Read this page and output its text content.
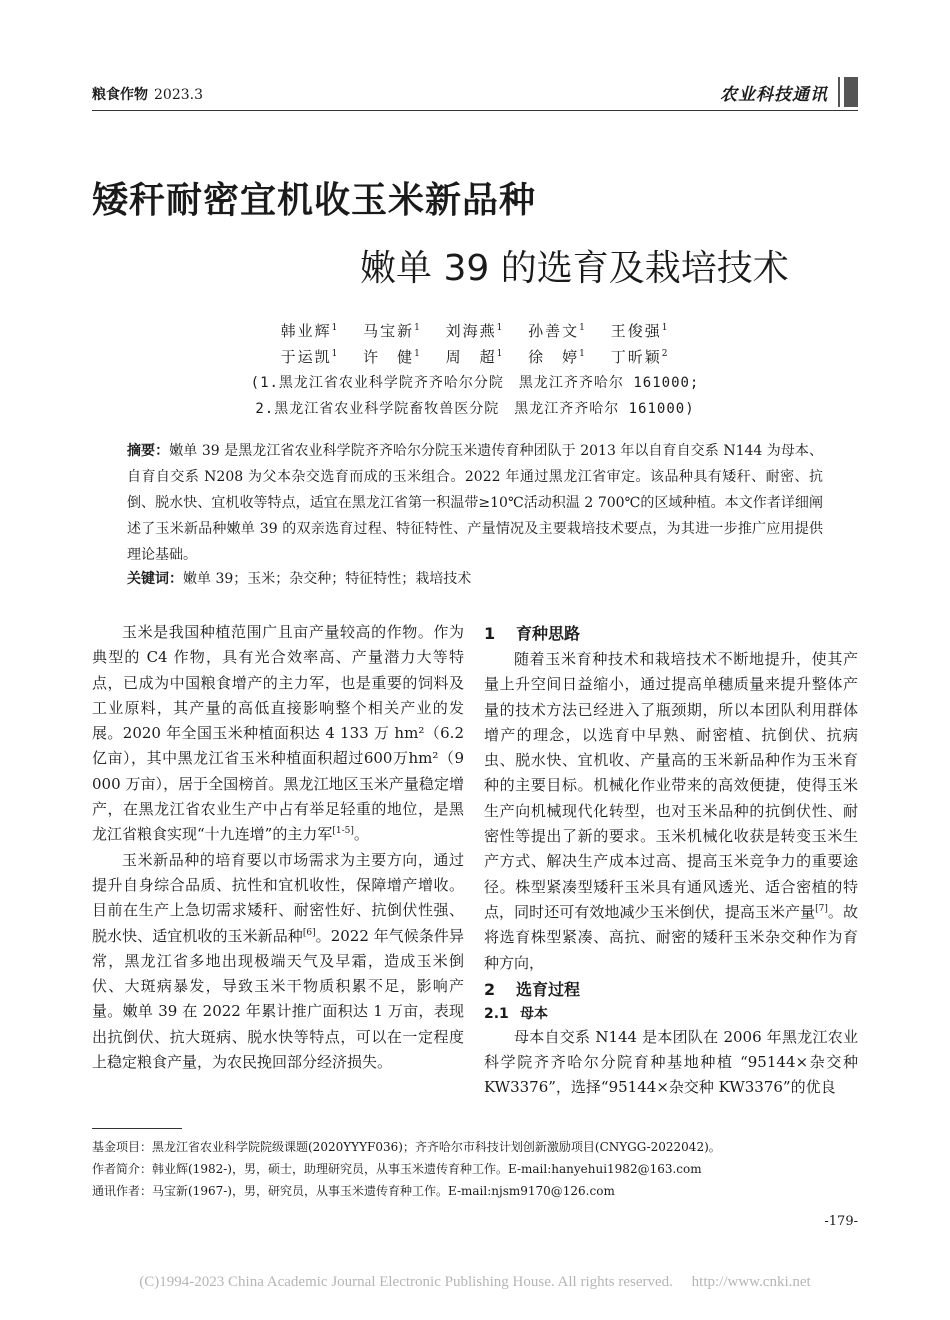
粮食作物 2023.3	农业科技通讯
矮秆耐密宜机收玉米新品种
嫩单 39 的选育及栽培技术
韩业辉$^1$　 马宝新$^1$　 刘海燕$^1$　 孙善文$^1$　 王俊强$^1$
于运凯$^1$　 许　健$^1$　 周　超$^1$　 徐　婷$^1$　 丁昕颖$^2$
(1.黑龙江省农业科学院齐齐哈尔分院　黑龙江齐齐哈尔 161000;
2.黑龙江省农业科学院畜牧兽医分院　黑龙江齐齐哈尔 161000)
摘要：嫩单 39 是黑龙江省农业科学院齐齐哈尔分院玉米遗传育种团队于 2013 年以自育自交系 N144 为母本、自育自交系 N208 为父本杂交选育而成的玉米组合。2022 年通过黑龙江省审定。该品种具有矮秆、耐密、抗倒、脱水快、宜机收等特点，适宜在黑龙江省第一积温带≥10℃活动积温 2 700℃的区域种植。本文作者详细阐述了玉米新品种嫩单 39 的双亲选育过程、特征特性、产量情况及主要栽培技术要点，为其进一步推广应用提供理论基础。
关键词：嫩单 39；玉米；杂交种；特征特性；栽培技术

玉米是我国种植范围广且亩产量较高的作物。作为典型的 C4 作物，具有光合效率高、产量潜力大等特点，已成为中国粮食增产的主力军，也是重要的饲料及工业原料，其产量的高低直接影响整个相关产业的发展。2020 年全国玉米种植面积达 4 133 万 hm²（6.2 亿亩），其中黑龙江省玉米种植面积超过600万hm²（9 000 万亩），居于全国榜首。黑龙江地区玉米产量稳定增产，在黑龙江省农业生产中占有举足轻重的地位，是黑龙江省粮食实现“十九连增”的主力军[1-5]。

玉米新品种的培育要以市场需求为主要方向，通过提升自身综合品质、抗性和宜机收性，保障增产增收。目前在生产上急切需求矮秆、耐密性好、抗倒伏性强、脱水快、适宜机收的玉米新品种[6]。2022 年气候条件异常，黑龙江省多地出现极端天气及早霜，造成玉米倒伏、大斑病暴发，导致玉米干物质积累不足，影响产量。嫩单 39 在 2022 年累计推广面积达 1 万亩，表现出抗倒伏、抗大斑病、脱水快等特点，可以在一定程度上稳定粮食产量，为农民挽回部分经济损失。

1 育种思路

随着玉米育种技术和栽培技术不断地提升，使其产量上升空间日益缩小，通过提高单穗质量来提升整体产量的技术方法已经进入了瓶颈期，所以本团队利用群体增产的理念，以选育中早熟、耐密植、抗倒伏、抗病虫、脱水快、宜机收、产量高的玉米新品种作为玉米育种的主要目标。机械化作业带来的高效便捷，使得玉米生产向机械现代化转型，也对玉米品种的抗倒伏性、耐密性等提出了新的要求。玉米机械化收获是转变玉米生产方式、解决生产成本过高、提高玉米竞争力的重要途径。株型紧凑型矮秆玉米具有通风透光、适合密植的特点，同时还可有效地减少玉米倒伏，提高玉米产量[7]。故将选育株型紧凑、高抗、耐密的矮秆玉米杂交种作为育种方向，

2 选育过程

2.1 母本

母本自交系 N144 是本团队在 2006 年黑龙江农业科学院齐齐哈尔分院育种基地种植 “95144×杂交种 KW3376”，选择“95144×杂交种 KW3376”的优良

基金项目：黑龙江省农业科学院院级课题(2020YYYF036)；齐齐哈尔市科技计划创新激励项目(CNYGG-2022042)。
作者简介：韩业辉(1982-)，男，硕士，助理研究员，从事玉米遗传育种工作。E-mail:hanyehui1982@163.com
通讯作者：马宝新(1967-)，男，研究员，从事玉米遗传育种工作。E-mail:njsm9170@126.com
-179-
(C)1994-2023 China Academic Journal Electronic Publishing House. All rights reserved.　 http://www.cnki.net
